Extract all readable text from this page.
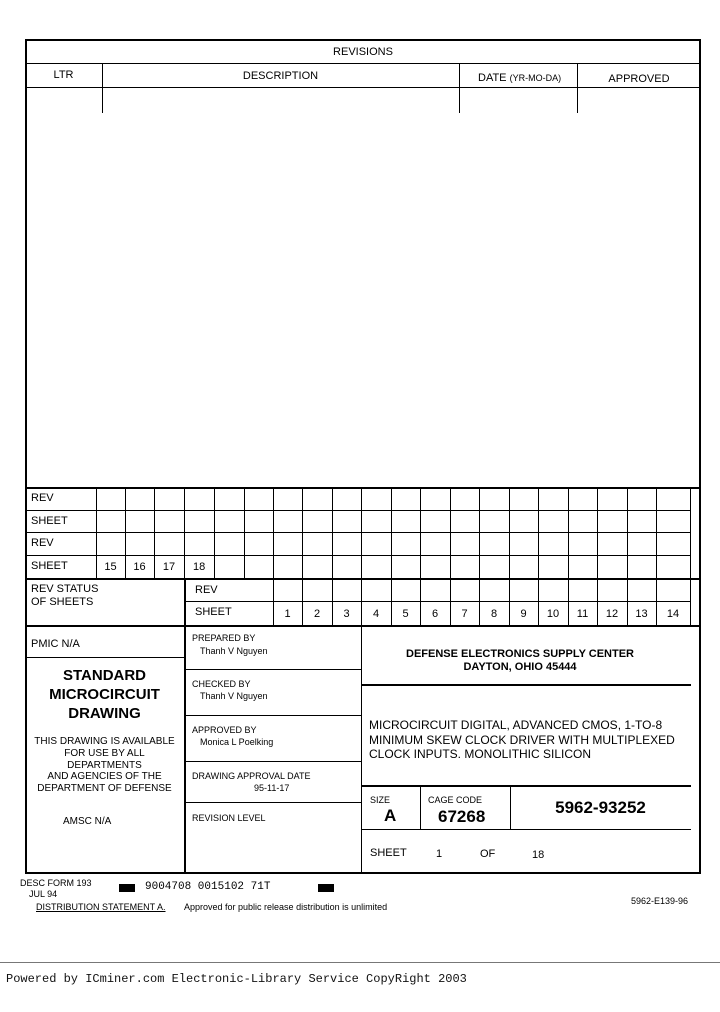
REVISIONS
LTR	DESCRIPTION	DATE (YR-MO-DA)	APPROVED
REV
SHEET
REV
SHEET	15	16	17	18
REV STATUS
OF SHEETS
REV
SHEET	1	2	3	4	5	6	7	8	9	10	11	12	13	14
PMIC N/A
STANDARD
MICROCIRCUIT
DRAWING
THIS DRAWING IS AVAILABLE
FOR USE BY ALL
DEPARTMENTS
AND AGENCIES OF THE
DEPARTMENT OF DEFENSE
AMSC N/A
PREPARED BY
Thanh V Nguyen
CHECKED BY
Thanh V Nguyen
APPROVED BY
Monica L Poelking
DRAWING APPROVAL DATE
95-11-17
REVISION LEVEL
DEFENSE ELECTRONICS SUPPLY CENTER
DAYTON, OHIO 45444
MICROCIRCUIT DIGITAL, ADVANCED CMOS, 1-TO-8
MINIMUM SKEW CLOCK DRIVER WITH MULTIPLEXED
CLOCK INPUTS. MONOLITHIC SILICON
SIZE
A
CAGE CODE
67268	5962-93252
SHEET	1	OF	18
DESC FORM 193
JUL 94
9004708 0015102 71T
DISTRIBUTION STATEMENT A. Approved for public release distribution is unlimited
5962-E139-96
Powered by ICminer.com Electronic-Library Service CopyRight 2003
